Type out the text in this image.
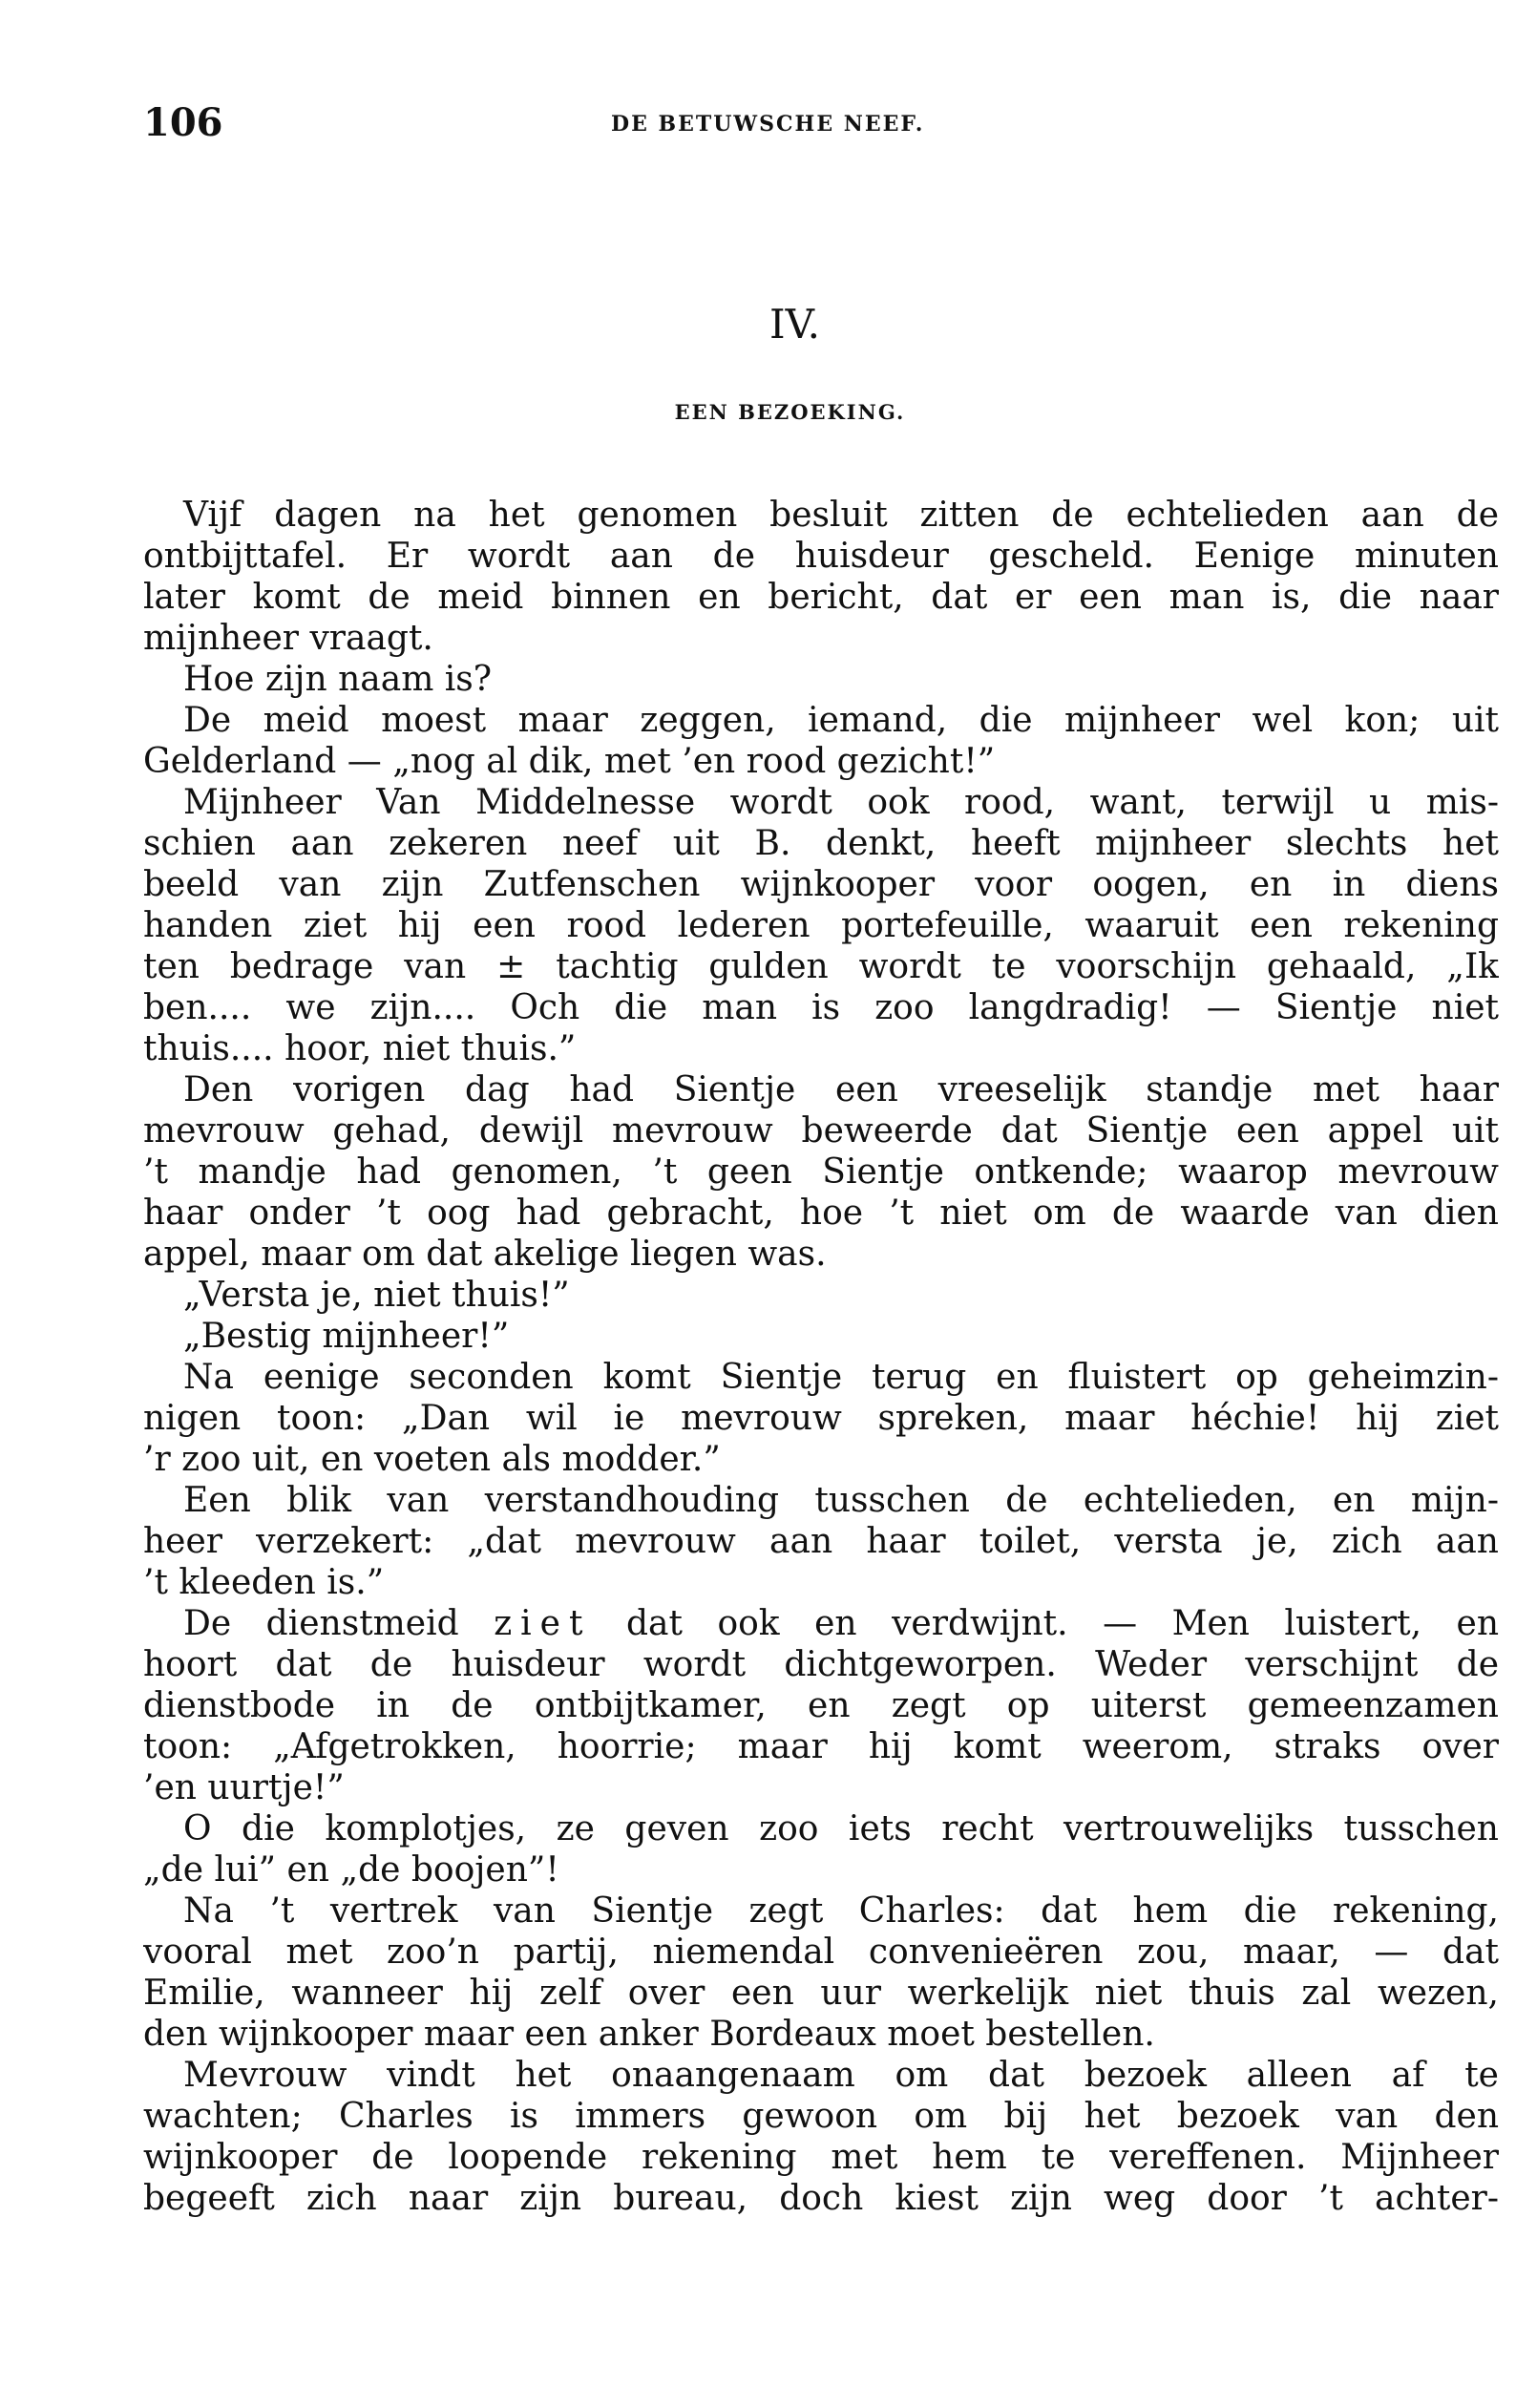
106	DE BETUWSCHE NEEF.
IV.
EEN BEZOEKING.
Vijf dagen na het genomen besluit zitten de echtelieden aan de
ontbijttafel. Er wordt aan de huisdeur gescheld. Eenige minuten
later komt de meid binnen en bericht, dat er een man is, die naar
mijnheer vraagt.
Hoe zijn naam is?
De meid moest maar zeggen, iemand, die mijnheer wel kon; uit
Gelderland — „nog al dik, met ’en rood gezicht!”
Mijnheer Van Middelnesse wordt ook rood, want, terwijl u mis-
schien aan zekeren neef uit B. denkt, heeft mijnheer slechts het
beeld van zijn Zutfenschen wijnkooper voor oogen, en in diens
handen ziet hij een rood lederen portefeuille, waaruit een rekening
ten bedrage van ± tachtig gulden wordt te voorschijn gehaald, „Ik
ben.... we zijn.... Och die man is zoo langdradig! — Sientje niet
thuis.... hoor, niet thuis.”
Den vorigen dag had Sientje een vreeselijk standje met haar
mevrouw gehad, dewijl mevrouw beweerde dat Sientje een appel uit
’t mandje had genomen, ’t geen Sientje ontkende; waarop mevrouw
haar onder ’t oog had gebracht, hoe ’t niet om de waarde van dien
appel, maar om dat akelige liegen was.
„Versta je, niet thuis!”
„Bestig mijnheer!”
Na eenige seconden komt Sientje terug en fluistert op geheimzin-
nigen toon: „Dan wil ie mevrouw spreken, maar héchie! hij ziet
’r zoo uit, en voeten als modder.”
Een blik van verstandhouding tusschen de echtelieden, en mijn-
heer verzekert: „dat mevrouw aan haar toilet, versta je, zich aan
’t kleeden is.”
De dienstmeid ziet dat ook en verdwijnt. — Men luistert, en
hoort dat de huisdeur wordt dichtgeworpen. Weder verschijnt de
dienstbode in de ontbijtkamer, en zegt op uiterst gemeenzamen
toon: „Afgetrokken, hoorrie; maar hij komt weerom, straks over
’en uurtje!”
O die komplotjes, ze geven zoo iets recht vertrouwelijks tusschen
„de lui” en „de boojen”!
Na ’t vertrek van Sientje zegt Charles: dat hem die rekening,
vooral met zoo’n partij, niemendal convenieëren zou, maar, — dat
Emilie, wanneer hij zelf over een uur werkelijk niet thuis zal wezen,
den wijnkooper maar een anker Bordeaux moet bestellen.
Mevrouw vindt het onaangenaam om dat bezoek alleen af te
wachten; Charles is immers gewoon om bij het bezoek van den
wijnkooper de loopende rekening met hem te vereffenen. Mijnheer
begeeft zich naar zijn bureau, doch kiest zijn weg door ’t achter-
